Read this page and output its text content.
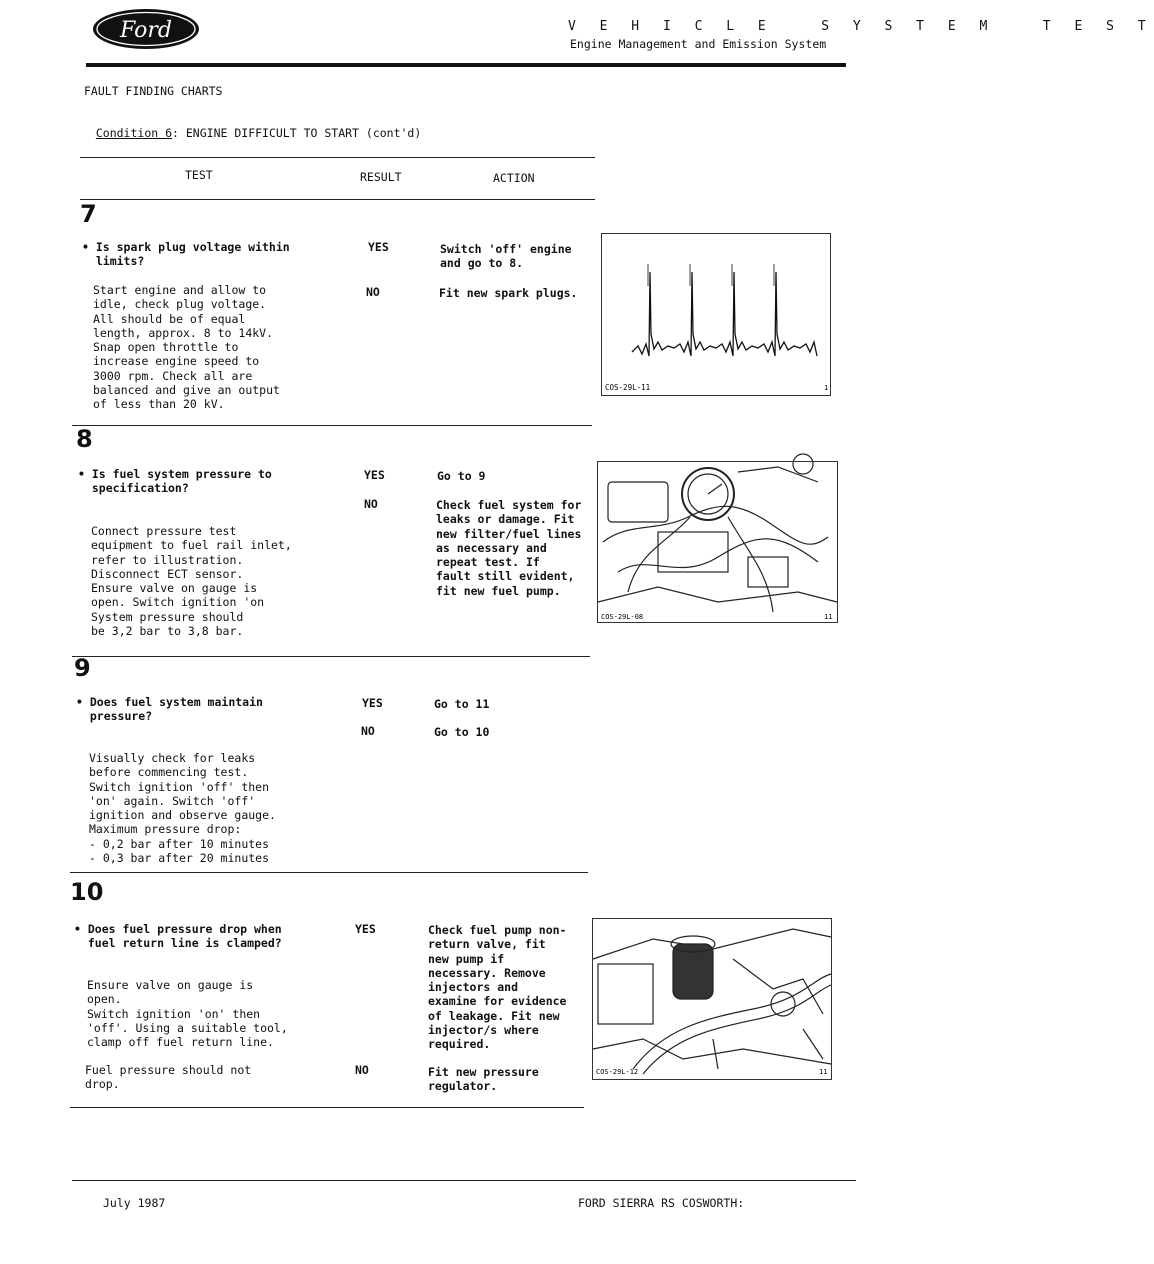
Ford	V E H I C L E   S Y S T E M   T E S T
Engine Management and Emission System
FAULT FINDING CHARTS

Condition 6: ENGINE DIFFICULT TO START (cont'd)

TEST	RESULT	ACTION
7
• Is spark plug voltage within
limits?
Start engine and allow to
idle, check plug voltage.
All should be of equal
length, approx. 8 to 14kV.
Snap open throttle to
increase engine speed to
3000 rpm. Check all are
balanced and give an output
of less than 20 kV.
YES	Switch 'off' engine
and go to 8.
NO	Fit new spark plugs.
COS-29L-11	1
8
• Is fuel system pressure to
specification?
Connect pressure test
equipment to fuel rail inlet,
refer to illustration.
Disconnect ECT sensor.
Ensure valve on gauge is
open. Switch ignition 'on
System pressure should
be 3,2 bar to 3,8 bar.
YES	Go to 9
NO	Check fuel system for
leaks or damage. Fit
new filter/fuel lines
as necessary and
repeat test. If
fault still evident,
fit new fuel pump.
COS-29L-08	11
9
• Does fuel system maintain
pressure?
Visually check for leaks
before commencing test.
Switch ignition 'off' then
'on' again. Switch 'off'
ignition and observe gauge.
Maximum pressure drop:
- 0,2 bar after 10 minutes
- 0,3 bar after 20 minutes
YES	Go to 11
NO	Go to 10
10
• Does fuel pressure drop when
fuel return line is clamped?
Ensure valve on gauge is
open.
Switch ignition 'on' then
'off'. Using a suitable tool,
clamp off fuel return line.
Fuel pressure should not
drop.
YES	Check fuel pump non-
return valve, fit
new pump if
necessary. Remove
injectors and
examine for evidence
of leakage. Fit new
injector/s where
required.
NO	Fit new pressure
regulator.
COS-29L-12	11
July 1987	FORD SIERRA RS COSWORTH:
